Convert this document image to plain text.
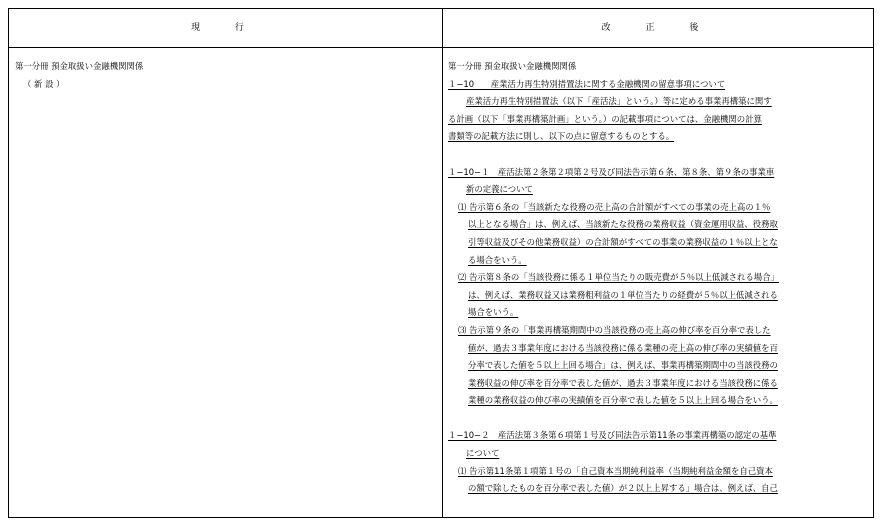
現 行	改 正 後
第一分冊 預金取扱い金融機関関係
（ 新 設 ）
第一分冊 預金取扱い金融機関関係
１−10　　産業活力再生特別措置法に関する金融機関の留意事項について
産業活力再生特別措置法（以下「産活法」という。）等に定める事業再構築に関す
る計画（以下「事業再構築計画」という。）の記載事項については、金融機関の計算
書類等の記載方法に則し、以下の点に留意するものとする。
１−10−１　産活法第２条第２項第２号及び同法告示第６条、第８条、第９条の事業車
新の定義について
⑴ 告示第６条の「当該新たな役務の売上高の合計額がすべての事業の売上高の１％
以上となる場合」は、例えば、当該新たな役務の業務収益（資金運用収益、役務取
引等収益及びその他業務収益）の合計額がすべての事業の業務収益の１％以上とな
る場合をいう。
⑵ 告示第８条の「当該役務に係る１単位当たりの販売費が５％以上低減される場合」
は、例えば、業務収益又は業務粗利益の１単位当たりの経費が５％以上低減される
場合をいう。
⑶ 告示第９条の「事業再構築期間中の当該役務の売上高の伸び率を百分率で表した
値が、過去３事業年度における当該役務に係る業種の売上高の伸び率の実績値を百
分率で表した値を５以上上回る場合」は、例えば、事業再構築期間中の当該役務の
業務収益の伸び率を百分率で表した値が、過去３事業年度における当該役務に係る
業種の業務収益の伸び率の実績値を百分率で表した値を５以上上回る場合をいう。
１−10−２　産活法第３条第６項第１号及び同法告示第11条の事業再構築の認定の基準
について
⑴ 告示第11条第１項第１号の「自己資本当期純利益率（当期純利益金額を自己資本
の額で除したものを百分率で表した値）が２以上上昇する」場合は、例えば、自己
